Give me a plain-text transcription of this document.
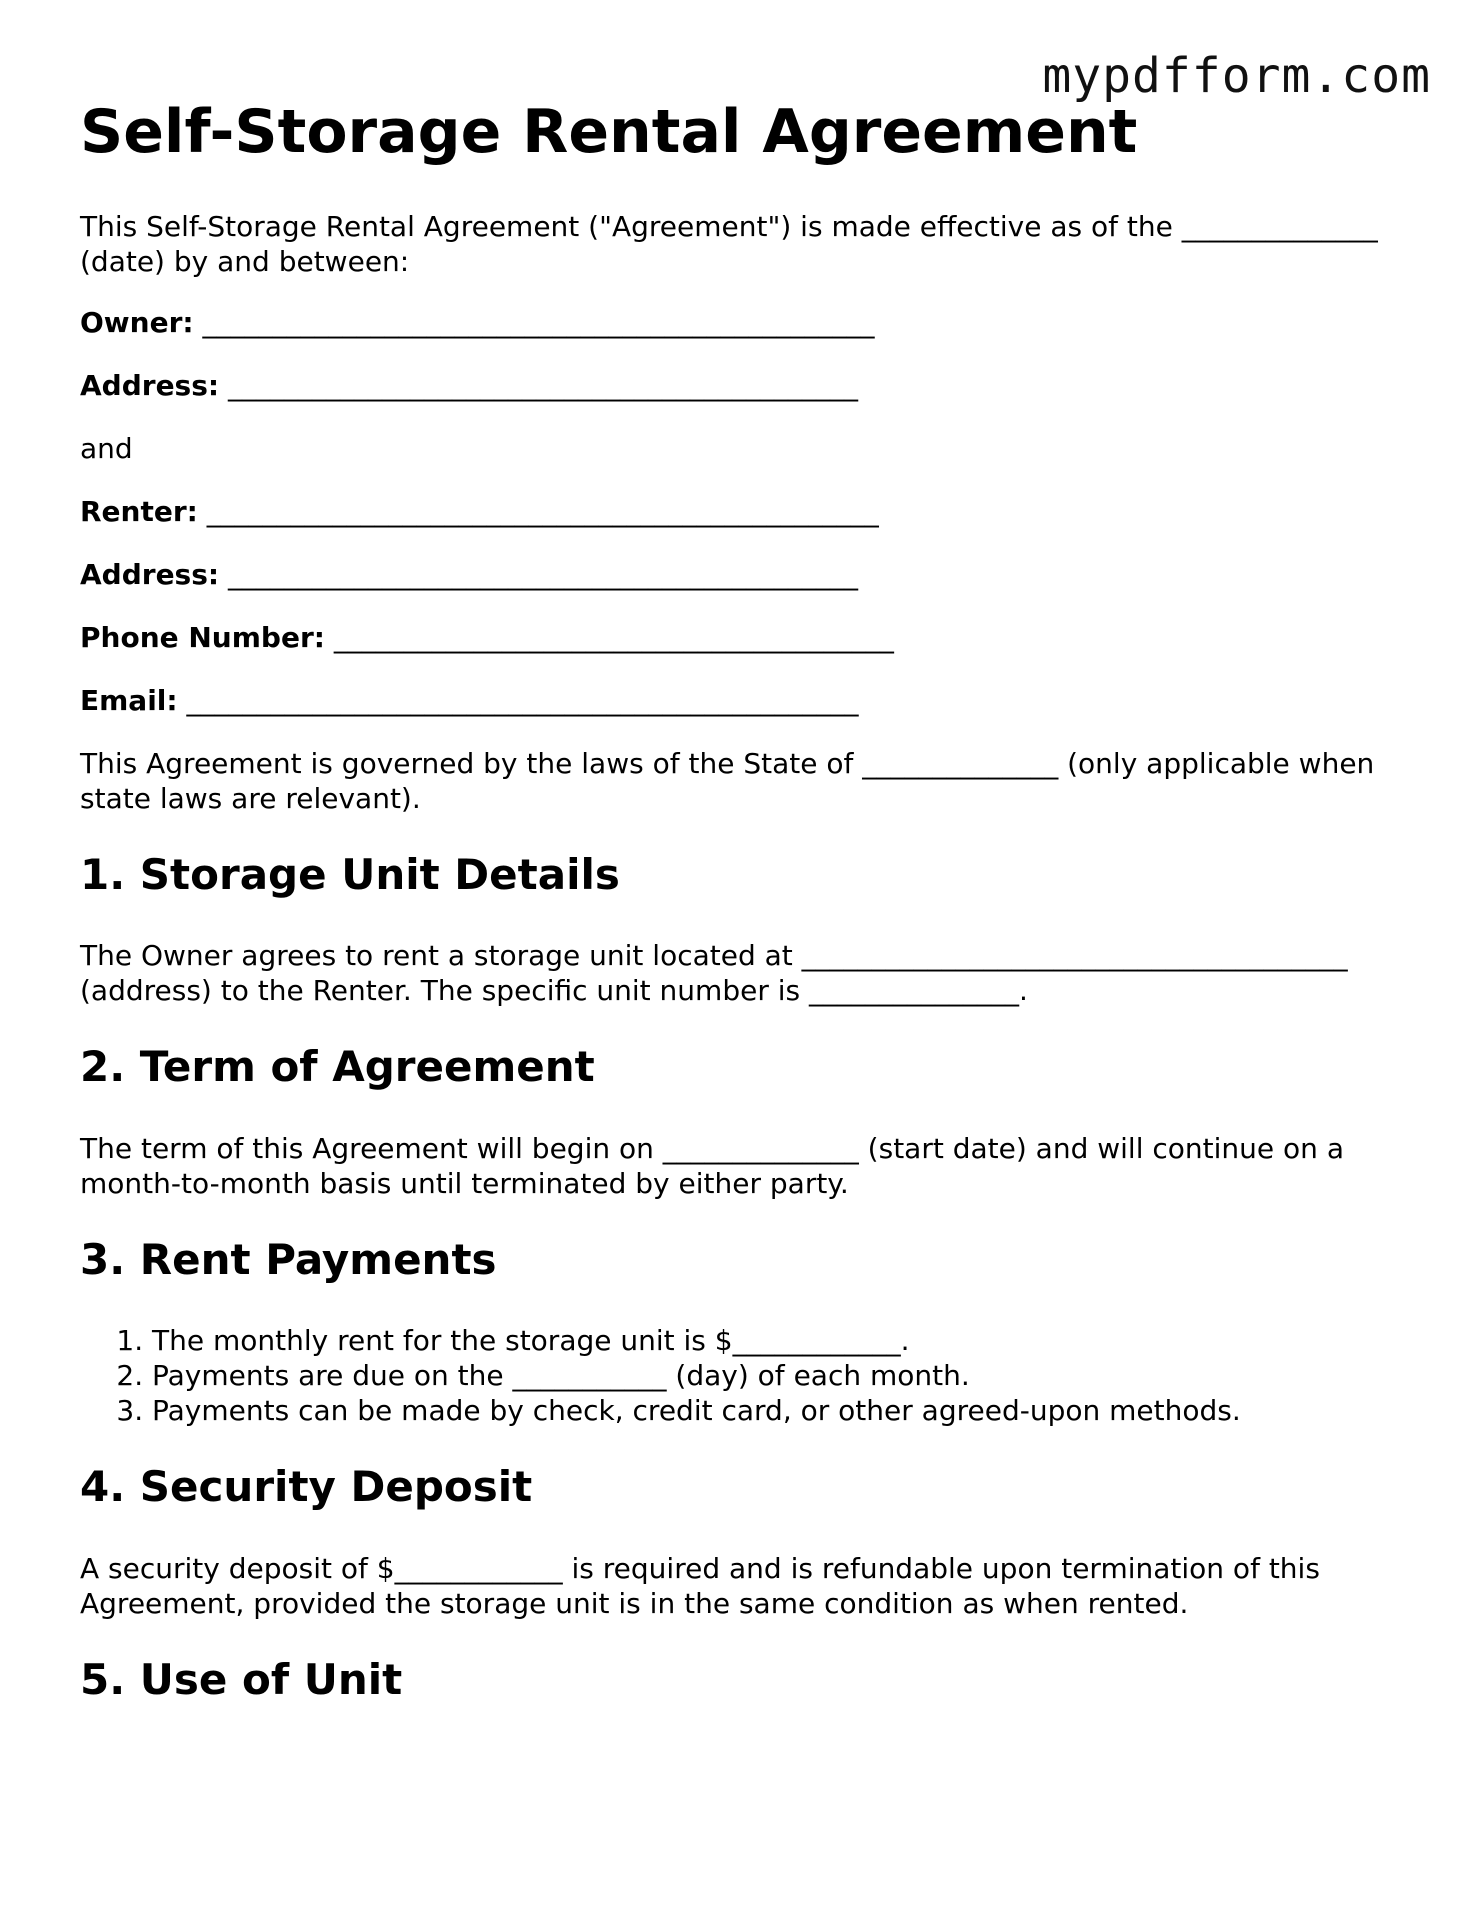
mypdfform.com
Self-Storage Rental Agreement

This Self-Storage Rental Agreement ("Agreement") is made effective as of the ______________ (date) by and between:

Owner: ________________________________________________
Address: _____________________________________________

and

Renter: ________________________________________________
Address: _____________________________________________
Phone Number: ________________________________________
Email: ________________________________________________

This Agreement is governed by the laws of the State of ______________ (only applicable when state laws are relevant).

1. Storage Unit Details

The Owner agrees to rent a storage unit located at _______________________________________ (address) to the Renter. The specific unit number is _______________.

2. Term of Agreement

The term of this Agreement will begin on ______________ (start date) and will continue on a month-to-month basis until terminated by either party.

3. Rent Payments
1. The monthly rent for the storage unit is $____________.
2. Payments are due on the ___________ (day) of each month.
3. Payments can be made by check, credit card, or other agreed-upon methods.
4. Security Deposit

A security deposit of $____________ is required and is refundable upon termination of this Agreement, provided the storage unit is in the same condition as when rented.

5. Use of Unit
